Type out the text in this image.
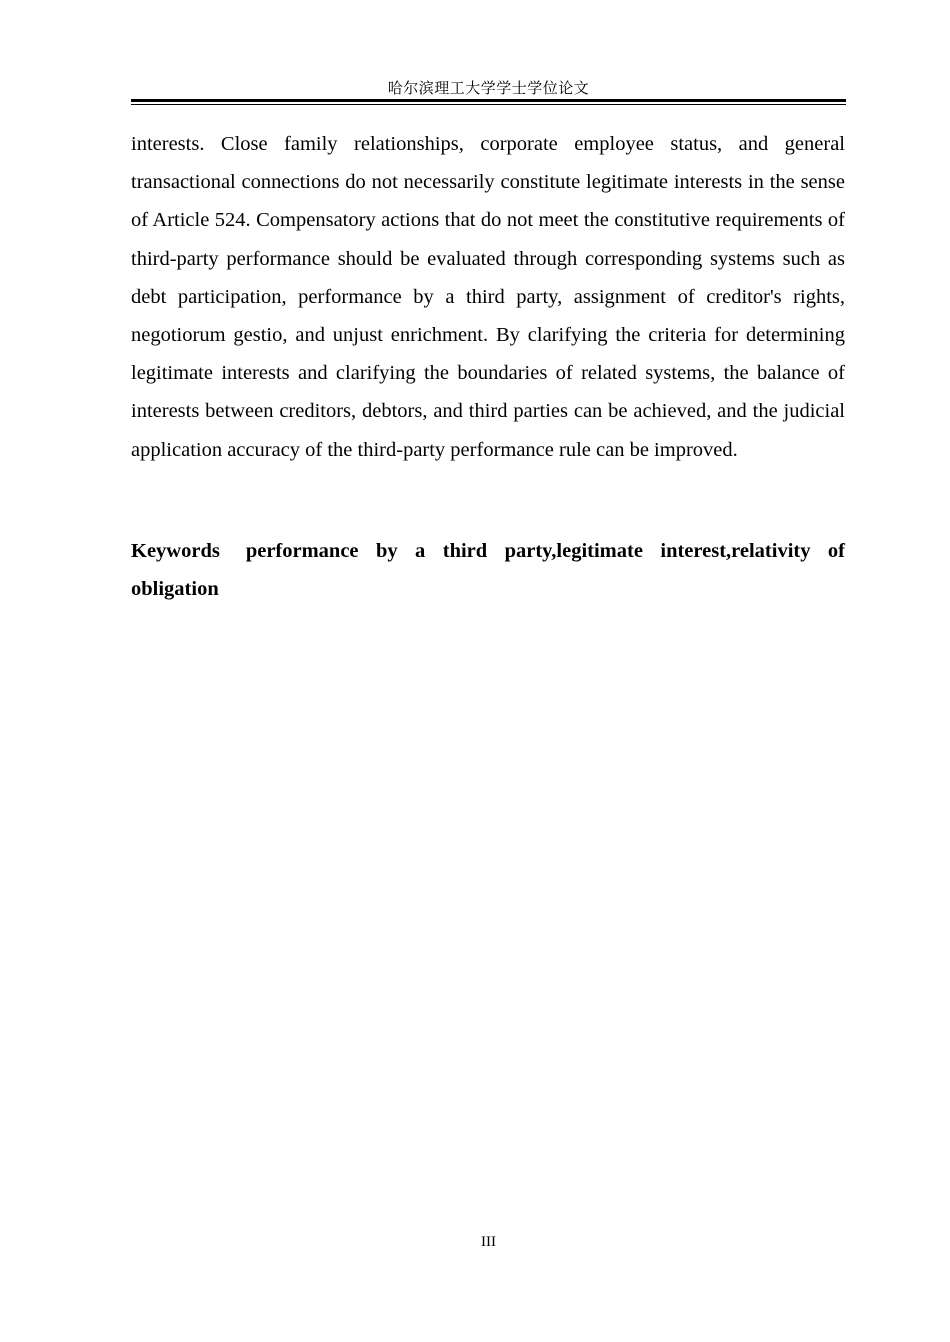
哈尔滨理工大学学士学位论文

interests. Close family relationships, corporate employee status, and general transactional connections do not necessarily constitute legitimate interests in the sense of Article 524. Compensatory actions that do not meet the constitutive requirements of third-party performance should be evaluated through corresponding systems such as debt participation, performance by a third party, assignment of creditor's rights, negotiorum gestio, and unjust enrichment. By clarifying the criteria for determining legitimate interests and clarifying the boundaries of related systems, the balance of interests between creditors, debtors, and third parties can be achieved, and the judicial application accuracy of the third-party performance rule can be improved.

Keywords performance by a third party,legitimate interest,relativity of obligation

III
